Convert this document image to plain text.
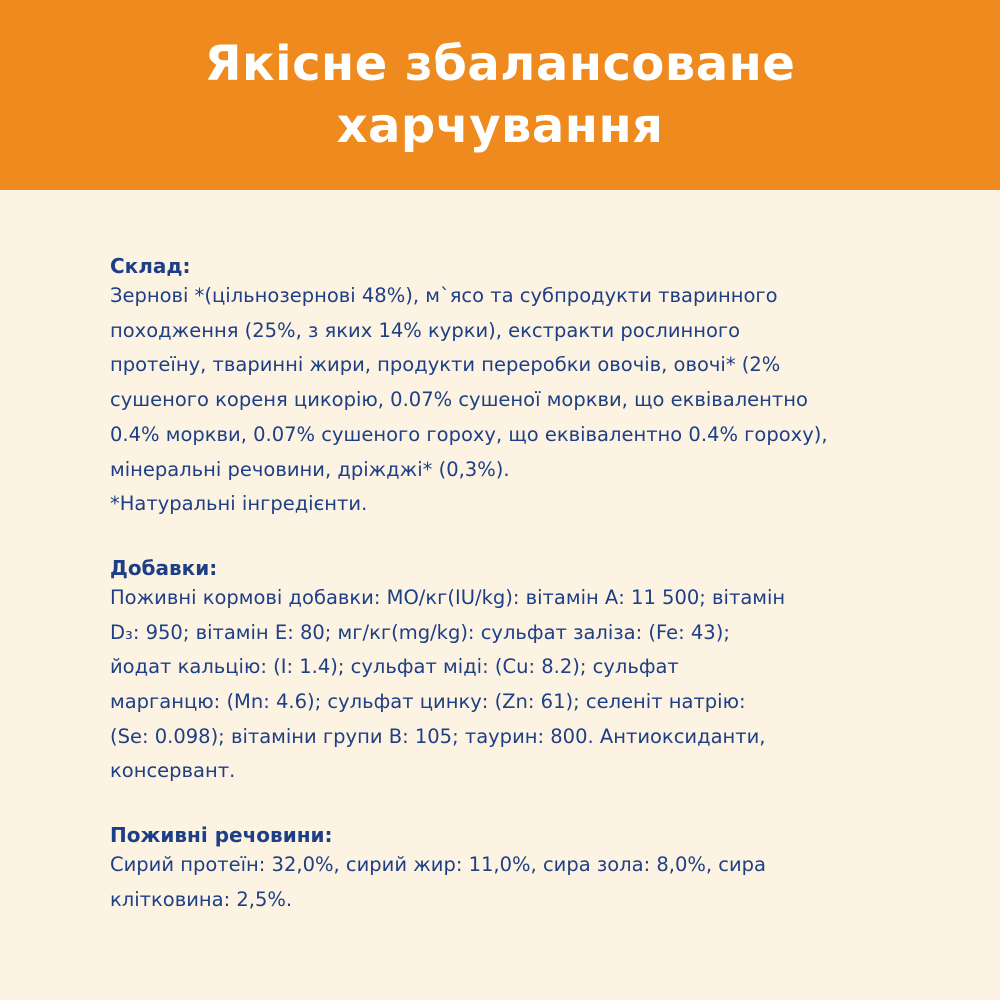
Якісне збалансоване
харчування
Склад:
Зернові *(цільнозернові 48%), м`ясо та субпродукти тваринного
походження (25%, з яких 14% курки), екстракти рослинного
протеїну, тваринні жири, продукти переробки овочів, овочі* (2%
сушеного кореня цикорію, 0.07% сушеної моркви, що еквівалентно
0.4% моркви, 0.07% сушеного гороху, що еквівалентно 0.4% гороху),
мінеральні речовини, дріжджі* (0,3%).
*Натуральні інгредієнти.
Добавки:
Поживні кормові добавки: МО/кг(IU/kg): вітамін А: 11 500; вітамін
D₃: 950; вітамін Е: 80; мг/кг(mg/kg): сульфат заліза: (Fe: 43);
йодат кальцію: (I: 1.4); сульфат міді: (Cu: 8.2); сульфат
марганцю: (Mn: 4.6); сульфат цинку: (Zn: 61); селеніт натрію:
(Se: 0.098); вітаміни групи В: 105; таурин: 800. Антиоксиданти,
консервант.
Поживні речовини:
Сирий протеїн: 32,0%, сирий жир: 11,0%, сира зола: 8,0%, сира
клітковина: 2,5%.
